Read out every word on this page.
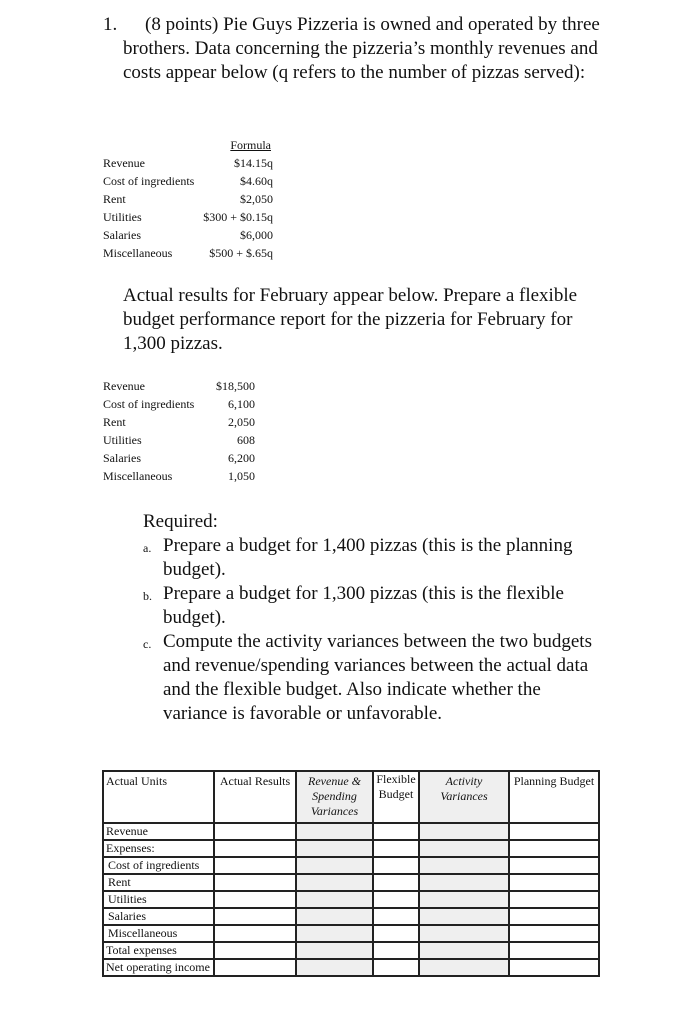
1.	(8 points) Pie Guys Pizzeria is owned and operated by three brothers. Data concerning the pizzeria’s monthly revenues and costs appear below (q refers to the number of pizzas served):
Formula
Revenue	$14.15q
Cost of ingredients	$4.60q
Rent	$2,050
Utilities	$300 + $0.15q
Salaries	$6,000
Miscellaneous	$500 + $.65q
Actual results for February appear below. Prepare a flexible budget performance report for the pizzeria for February for 1,300 pizzas.
Revenue	$18,500
Cost of ingredients	6,100
Rent	2,050
Utilities	608
Salaries	6,200
Miscellaneous	1,050
Required:
a. Prepare a budget for 1,400 pizzas (this is the planning budget).
b. Prepare a budget for 1,300 pizzas (this is the flexible budget).
c. Compute the activity variances between the two budgets and revenue/spending variances between the actual data and the flexible budget. Also indicate whether the variance is favorable or unfavorable.
Actual Units	Actual Results	Revenue & Spending Variances	Flexible Budget	Activity Variances	Planning Budget
Revenue					
Expenses:					
Cost of ingredients					
Rent					
Utilities					
Salaries					
Miscellaneous					
Total expenses					
Net operating income					
